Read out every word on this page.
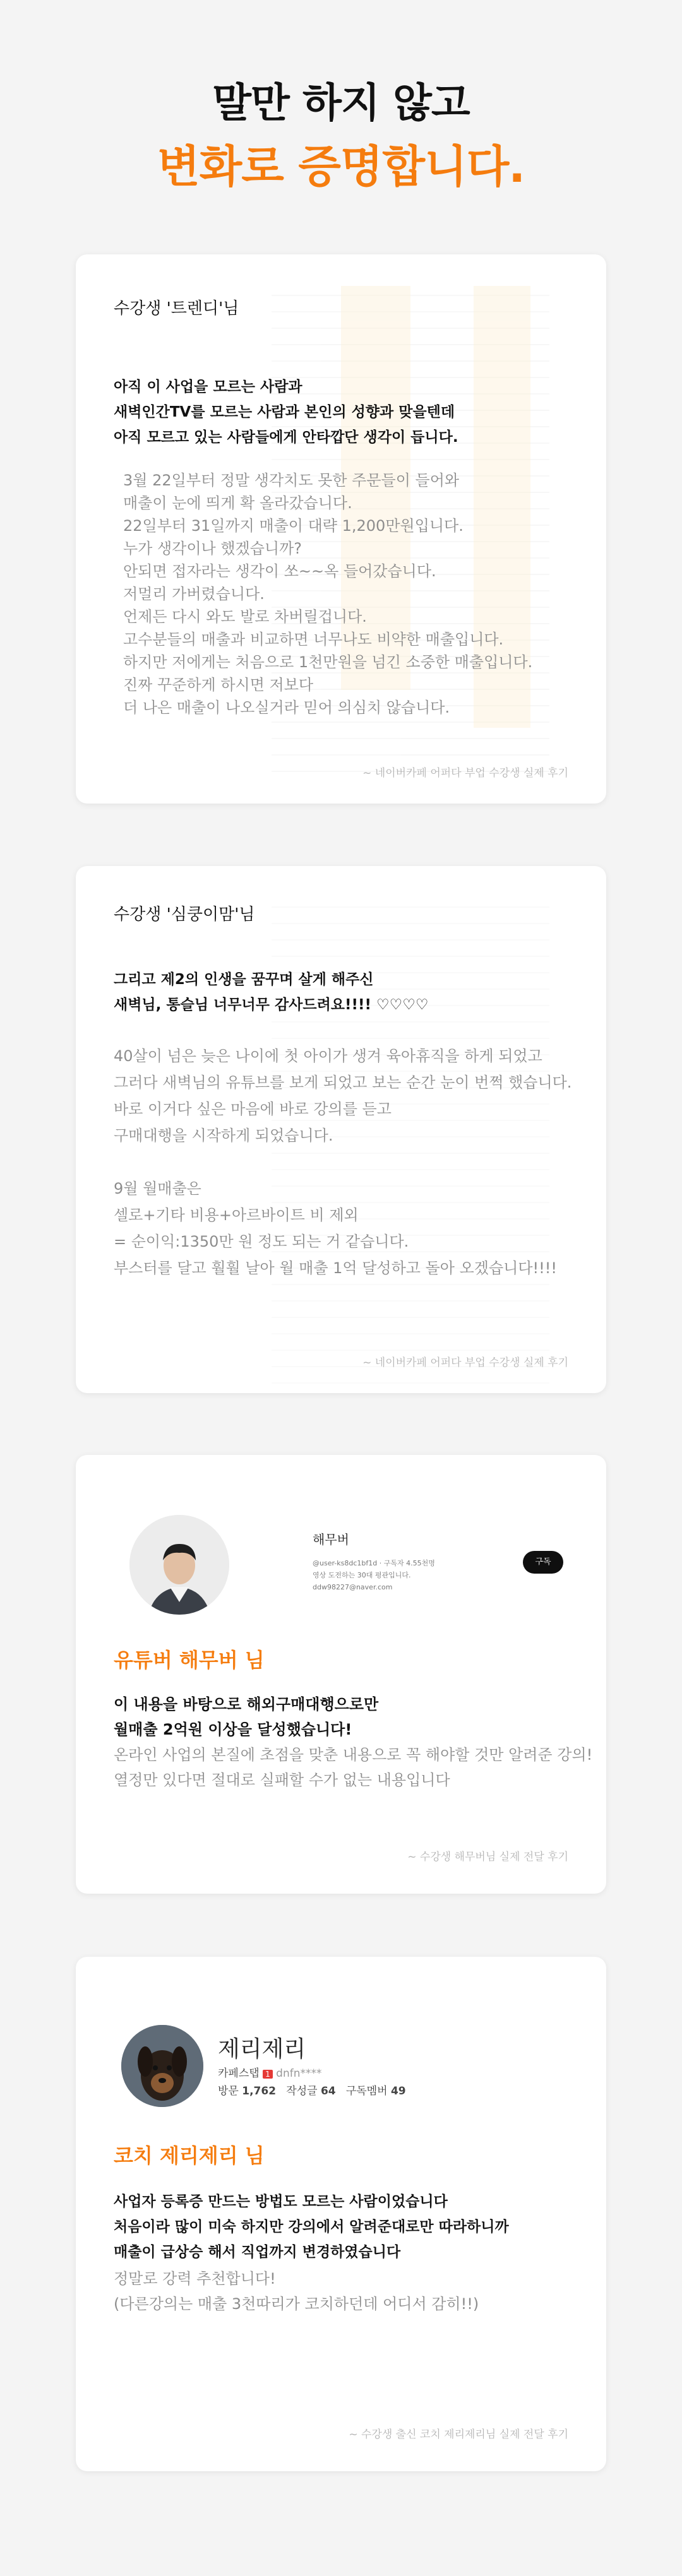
말만 하지 않고
변화로 증명합니다.
수강생 '트렌디'님
아직 이 사업을 모르는 사람과
새벽인간TV를 모르는 사람과 본인의 성향과 맞을텐데
아직 모르고 있는 사람들에게 안타깝단 생각이 듭니다.
3월 22일부터 정말 생각치도 못한 주문들이 들어와
매출이 눈에 띄게 확 올라갔습니다.
22일부터 31일까지 매출이 대략 1,200만원입니다.
누가 생각이나 했겠습니까?
안되면 접자라는 생각이 쏘~~옥 들어갔습니다.
저멀리 가버렸습니다.
언제든 다시 와도 발로 차버릴겁니다.
고수분들의 매출과 비교하면 너무나도 비약한 매출입니다.
하지만 저에게는 처음으로 1천만원을 넘긴 소중한 매출입니다.
진짜 꾸준하게 하시면 저보다
더 나은 매출이 나오실거라 믿어 의심치 않습니다.
~ 네이버카페 어퍼다 부업 수강생 실제 후기
수강생 '심쿵이맘'님
그리고 제2의 인생을 꿈꾸며 살게 해주신
새벽님, 통슬님 너무너무 감사드려요!!!! ♡♡♡♡
40살이 넘은 늦은 나이에 첫 아이가 생겨 육아휴직을 하게 되었고
그러다 새벽님의 유튜브를 보게 되었고 보는 순간 눈이 번쩍 했습니다.
바로 이거다 싶은 마음에 바로 강의를 듣고
구매대행을 시작하게 되었습니다.

9월 월매출은
셀로+기타 비용+아르바이트 비 제외
= 순이익:1350만 원 정도 되는 거 같습니다.
부스터를 달고 훨훨 날아 월 매출 1억 달성하고 돌아 오겠습니다!!!!
~ 네이버카페 어퍼다 부업 수강생 실제 후기
해무버
@user-ks8dc1bf1d · 구독자 4.55천명
영상 도전하는 30대 평관입니다.
ddw98227@naver.com
구독
유튜버 해무버 님
이 내용을 바탕으로 해외구매대행으로만
월매출 2억원 이상을 달성했습니다!
온라인 사업의 본질에 초점을 맞춘 내용으로 꼭 해야할 것만 알려준 강의!
열정만 있다면 절대로 실패할 수가 없는 내용입니다
~ 수강생 해무버님 실제 전달 후기
제리제리
카페스탭 1 dnfn****
방문 1,762 작성글 64 구독멤버 49
코치 제리제리 님
사업자 등록증 만드는 방법도 모르는 사람이었습니다
처음이라 많이 미숙 하지만 강의에서 알려준대로만 따라하니까
매출이 급상승 해서 직업까지 변경하였습니다
정말로 강력 추천합니다!
(다른강의는 매출 3천따리가 코치하던데 어디서 감히!!)
~ 수강생 출신 코치 제리제리님 실제 전달 후기
